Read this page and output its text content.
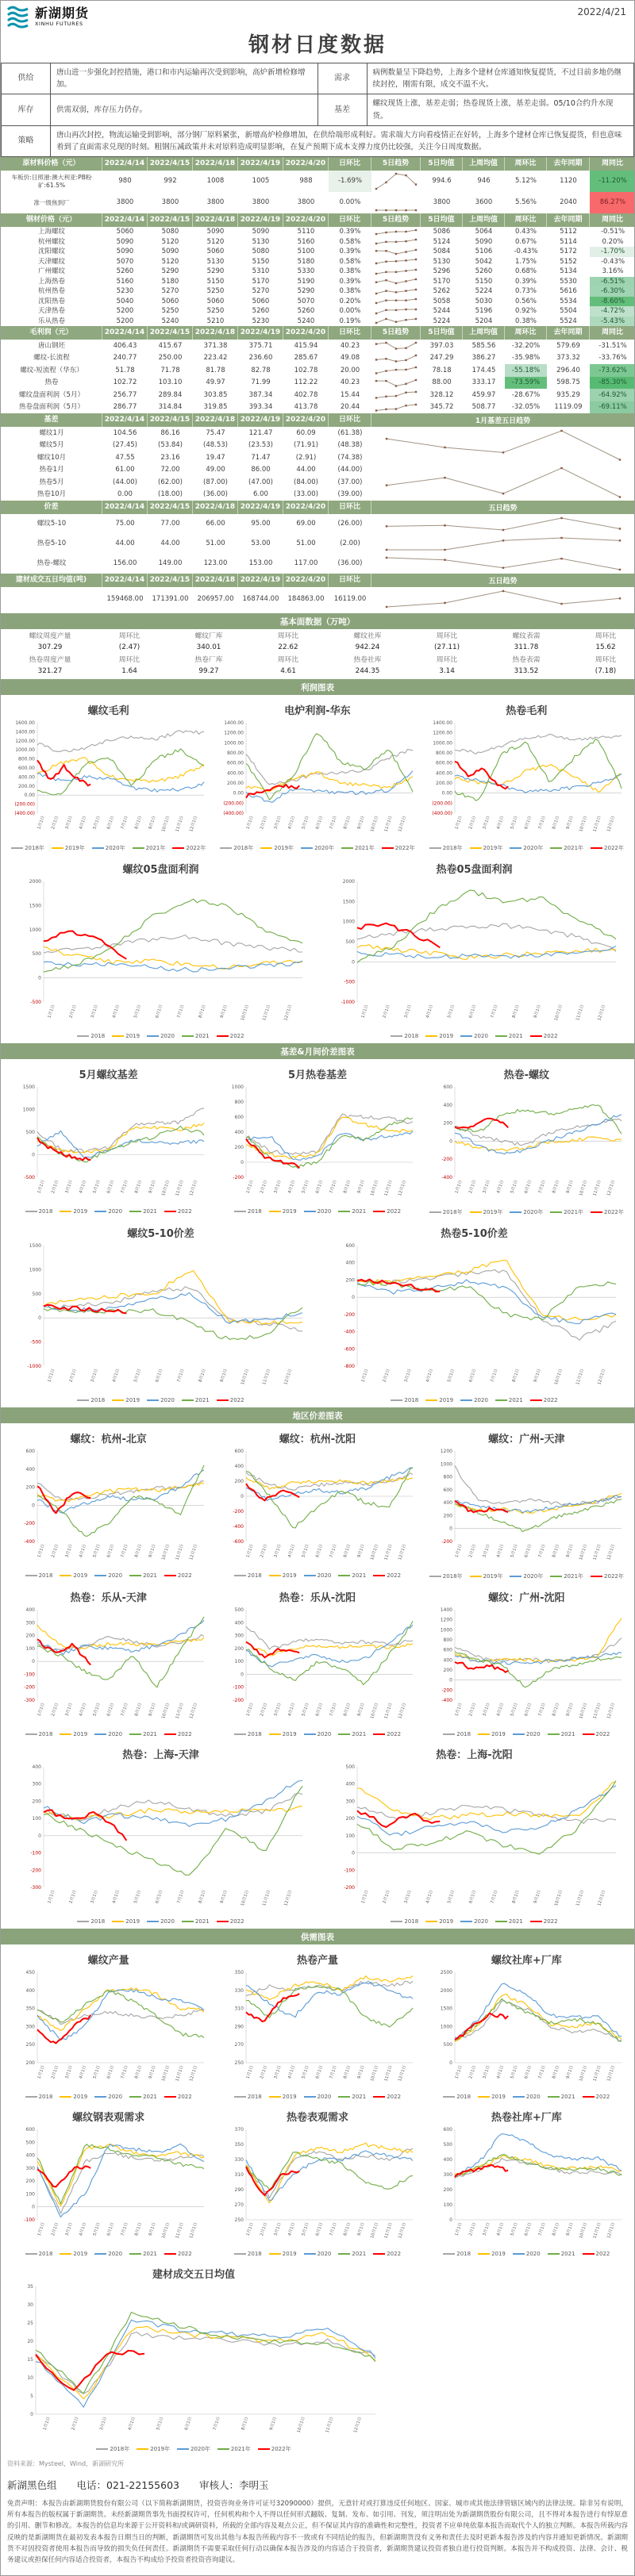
新湖期货
XINHU FUTURES
2022/4/21
钢材日度数据
供给
唐山进一步强化封控措施，港口和市内运输再次受到影响，高炉新增检修增加。
需求
病例数量呈下降趋势，上海多个建材仓库通知恢复提货，不过目前多地仍继续封控，刚需有限，成交不温不火。
库存	供需双弱，库存压力仍存。	基差
螺纹现货上涨，基差走弱；热卷现货上涨，基差走弱。05/10合约升水现货。
策略
唐山再次封控，物流运输受到影响，部分钢厂原料紧张，新增高炉检修增加，在供给端形成利好。需求端大方向看疫情正在好转，上海多个建材仓库已恢复提货，但也意味着到了直面需求兑现的时刻。粗钢压减政策并未对原料造成明显影响，在复产预期下成本支撑力度仍比较强，关注今日周度数据。
原材料价格（元）	2022/4/14 2022/4/15 2022/4/18 2022/4/19 2022/4/20	日环比	5日趋势	5日均值	上周均值	周环比	去年同期	周同比
车板价:日照港:澳大利亚:PB粉矿:61.5%	980	992	1008	1005	988	-1.69%	994.6	946	5.12%	1120	-11.20%
准一级焦到厂	3800	3800	3800	3800	3800	0.00%	3800	3600	5.56%	2040	86.27%
钢材价格（元）	2022/4/14 2022/4/15 2022/4/18 2022/4/19 2022/4/20	日环比	5日趋势	5日均值	上周均值	周环比	去年同期	周同比
上海螺纹	5060	5080	5090	5090	5110	0.39%	5086	5064	0.43%	5112	-0.51%
杭州螺纹	5090	5120	5120	5130	5160	0.58%	5124	5090	0.67%	5114	0.20%
沈阳螺纹	5090	5090	5060	5080	5100	0.39%	5084	5106	-0.43%	5172	-1.70%
天津螺纹	5070	5120	5130	5150	5180	0.58%	5130	5042	1.75%	5152	-0.43%
广州螺纹	5260	5290	5290	5310	5330	0.38%	5296	5260	0.68%	5134	3.16%
上海热卷	5160	5180	5150	5170	5190	0.39%	5170	5150	0.39%	5530	-6.51%
杭州热卷	5230	5270	5250	5270	5290	0.38%	5262	5224	0.73%	5616	-6.30%
沈阳热卷	5040	5060	5060	5060	5070	0.20%	5058	5030	0.56%	5534	-8.60%
天津热卷	5200	5250	5250	5260	5260	0.00%	5244	5196	0.92%	5504	-4.72%
乐从热卷	5200	5240	5210	5230	5240	0.19%	5224	5204	0.38%	5524	-5.43%
毛利润（元）	2022/4/14 2022/4/15 2022/4/18 2022/4/19 2022/4/20	日环比	5日趋势	5日均值	上周均值	周环比	去年同期	周同比
唐山钢坯	406.43	415.67	371.38	375.71	415.94	40.23	397.03	585.56	-32.20%	579.69	-31.51%
螺纹-长流程	240.77	250.00	223.42	236.60	285.67	49.08	247.29	386.27	-35.98%	373.32	-33.76%
螺纹-短流程（华东）	51.78	71.78	81.78	82.78	102.78	20.00	78.18	174.45	-55.18%	296.40	-73.62%
热卷	102.72	103.10	49.97	71.99	112.22	40.23	88.00	333.17	-73.59%	598.75	-85.30%
螺纹盘面利润（5月）	256.77	289.84	303.85	387.34	402.78	15.44	328.12	459.97	-28.67%	935.29	-64.92%
热卷盘面利润（5月）	286.77	314.84	319.85	393.34	413.78	20.44	345.72	508.77	-32.05%	1119.09	-69.11%
基差	2022/4/14 2022/4/15 2022/4/18 2022/4/19 2022/4/20	日环比
螺纹1月	104.56	86.16	75.47	121.47	60.09	(61.38)
螺纹5月	(27.45)	(53.84)	(48.53)	(23.53)	(71.91)	(48.38)
螺纹10月	47.55	23.16	19.47	71.47	(2.91)	(74.38)
热卷1月	61.00	72.00	49.00	86.00	44.00	(44.00)
热卷5月	(44.00)	(62.00)	(87.00)	(47.00)	(84.00)	(37.00)
热卷10月	0.00	(18.00)	(36.00)	6.00	(33.00)	(39.00)
1月基差五日趋势
价差	2022/4/14 2022/4/15 2022/4/18 2022/4/19 2022/4/20	日环比
螺纹5-10	75.00	77.00	66.00	95.00	69.00	(26.00)
热卷5-10	44.00	44.00	51.00	53.00	51.00	(2.00)
热卷-螺纹	156.00	149.00	123.00	153.00	117.00	(36.00)
五日趋势
建材成交五日均值(吨)	2022/4/14 2022/4/15 2022/4/18 2022/4/19 2022/4/20	日环比
159468.00	171391.00	206957.00	168744.00	184863.00	16119.00
五日趋势
基本面数据（万吨）
螺纹周度产量	周环比	螺纹厂库	周环比	螺纹社库	周环比	螺纹表需	周环比
307.29	(2.47)	340.01	22.62	942.24	(27.11)	311.78	15.62
热卷周度产量	周环比	热卷厂库	周环比	热卷社库	周环比	热卷表需	周环比
321.27	1.64	99.27	4.61	244.35	3.14	313.52	(7.18)
利润图表
螺纹毛利
1600.00
1400.00
1200.00
1000.00
800.00
600.00
400.00
200.00
0.00
(200.00)
(400.00)
1月1日	2月1日	3月1日	4月1日	5月1日	6月1日	7月1日	8月1日	9月1日	10月1日	11月1日	12月1日
2018年	2019年	2020年	2021年	2022年
电炉利润-华东
1400.00
1200.00
1000.00
800.00
600.00
400.00
200.00
0.00
(200.00)
(400.00)
1月1日	2月1日	3月1日	4月1日	5月1日	6月1日	7月1日	8月1日	9月1日	10月1日	11月1日	12月1日
2018年	2019年	2020年	2021年	2022年
热卷毛利
1400.00
1200.00
1000.00
800.00
600.00
400.00
200.00
0.00
(200.00)
(400.00)
1月1日	2月1日	3月1日	4月1日	5月1日	6月1日	7月1日	8月1日	9月1日	10月1日	11月1日	12月1日
2018年	2019年	2020年	2021年	2022年
螺纹05盘面利润
2000
1500
1000
500
0
-500
1月1日	2月1日	3月1日	4月1日	5月1日	6月1日	7月1日	8月1日	9月1日	10月1日	11月1日	12月1日
2018	2019	2020	2021	2022
热卷05盘面利润
2000
1500
1000
500
0
-500
-1000
1月1日	2月1日	3月1日	4月1日	5月1日	6月1日	7月1日	8月1日	9月1日	10月1日	11月1日	12月1日
2018	2019	2020	2021	2022
基差&月间价差图表
5月螺纹基差
1500
1000
500
0
-500
1月1日	2月1日	3月1日	4月1日	5月1日	6月1日	7月1日	8月1日	9月1日	10月1日	11月1日	12月1日
2018	2019	2020	2021	2022
5月热卷基差
1000
800
600
400
200
0
-200
1月1日	2月1日	3月1日	4月1日	5月1日	6月1日	7月1日	8月1日	9月1日	10月1日	11月1日	12月1日
2018	2019	2020	2021	2022
热卷-螺纹
600
400
200
0
-200
-400
1月1日	2月1日	3月1日	4月1日	5月1日	6月1日	7月1日	8月1日	9月1日	10月1日	11月1日	12月1日
2018年	2019年	2020年	2021年	2022年
螺纹5-10价差
1500
1000
500
0
-500
-1000
1月1日	2月1日	3月1日	4月1日	5月1日	6月1日	7月1日	8月1日	9月1日	10月1日	11月1日	12月1日
2018	2019	2020	2021	2022
热卷5-10价差
600
400
200
0
-200
-400
-600
-800
1月1日	2月1日	3月1日	4月1日	5月1日	6月1日	7月1日	8月1日	9月1日	10月1日	11月1日	12月1日
2018	2019	2020	2021	2022
地区价差图表
螺纹：杭州-北京
600
400
200
0
-200
-400
1月1日	2月1日	3月1日	4月1日	5月1日	6月1日	7月1日	8月1日	9月1日	10月1日	11月1日	12月1日
2018	2019	2020	2021	2022
螺纹：杭州-沈阳
600
400
200
0
-200
-400
-600
1月1日	2月1日	3月1日	4月1日	5月1日	6月1日	7月1日	8月1日	9月1日	10月1日	11月1日	12月1日
2018	2019	2020	2021	2022
螺纹：广州-天津
1200
1000
800
600
400
200
0
-200
1月1日	2月1日	3月1日	4月1日	5月1日	6月1日	7月1日	8月1日	9月1日	10月1日	11月1日	12月1日
2018年	2019年	2020年	2021年	2022年
热卷：乐从-天津
400
300
200
100
0
-100
-200
-300
1月1日	2月1日	3月1日	4月1日	5月1日	6月1日	7月1日	8月1日	9月1日	10月1日	11月1日	12月1日
2018	2019	2020	2021	2022
热卷：乐从-沈阳
500
400
300
200
100
0
-100
-200
1月1日	2月1日	3月1日	4月1日	5月1日	6月1日	7月1日	8月1日	9月1日	10月1日	11月1日	12月1日
2018	2019	2020	2021	2022
螺纹：广州-沈阳
1400
1200
1000
800
600
400
200
0
-200
-400
1月1日	2月1日	3月1日	4月1日	5月1日	6月1日	7月1日	8月1日	9月1日	10月1日	11月1日	12月1日
2018	2019	2020	2021	2022
热卷：上海-天津
400
300
200
100
0
-100
-200
-300
1月1日	2月1日	3月1日	4月1日	5月1日	6月1日	7月1日	8月1日	9月1日	10月1日	11月1日	12月1日
2018	2019	2020	2021	2022
热卷：上海-沈阳
500
400
300
200
100
0
-100
-200
1月1日	2月1日	3月1日	4月1日	5月1日	6月1日	7月1日	8月1日	9月1日	10月1日	11月1日	12月1日
2018	2019	2020	2021	2022
供需图表
螺纹产量
450
400
350
300
250
200
1月1日	2月1日	3月1日	4月1日	5月1日	6月1日	7月1日	8月1日	9月1日	10月1日	11月1日	12月1日
2018	2019	2020	2021	2022
热卷产量
350
330
310
290
270
250
1月1日	2月1日	3月1日	4月1日	5月1日	6月1日	7月1日	8月1日	9月1日	10月1日	11月1日	12月1日
2018	2019	2020	2021	2022
螺纹社库+厂库
2500
2000
1500
1000
500
0
1月1日	2月1日	3月1日	4月1日	5月1日	6月1日	7月1日	8月1日	9月1日	10月1日	11月1日	12月1日
2018	2019	2020	2021	2022
螺纹钢表观需求
600
500
400
300
200
100
0
-100
1月1日	2月1日	3月1日	4月1日	5月1日	6月1日	7月1日	8月1日	9月1日	10月1日	11月1日	12月1日
2018	2019	2020	2021	2022
热卷表观需求
370
350
330
310
290
270
250
1月1日	2月1日	3月1日	4月1日	5月1日	6月1日	7月1日	8月1日	9月1日	10月1日	11月1日	12月1日
2018	2019	2020	2021	2022
热卷社库+厂库
600
500
400
300
200
100
0
1月1日	2月1日	3月1日	4月1日	5月1日	6月1日	7月1日	8月1日	9月1日	10月1日	11月1日	12月1日
2018	2019	2020	2021	2022
建材成交五日均值
35
30
25
20
15
10
5
0
1月1日	2月1日	3月1日	4月1日	5月1日	6月1日	7月1日	8月1日	9月1日	10月1日	11月1日	12月1日
2018年	2019年	2020年	2021年	2022年
资料来源：Mysteel，Wind，新湖研究所
新湖黑色组　　电话：021-22155603　　审核人：李明玉
免责声明：本报告由新湖期货股份有限公司（以下简称新湖期货，投资咨询业务许可证号32090000）提供，无意针对或打算违反任何地区、国家、城市或其他法律管辖区域内的法律法规。除非另有说明，所有本报告的版权属于新湖期货。未经新湖期货事先书面授权许可，任何机构和个人不得以任何形式翻版、复制、发布、如引用、刊发，须注明出处为新湖期货股份有限公司，且不得对本报告进行有悖原意的引用、删节和修改。本报告的信息均来源于公开资料和/或调研资料，所载的全部内容及观点公正，但不保证其内容的准确性和完整性，投资者不应单纯依靠本报告而取代个人的独立判断。本报告所载内容反映的是新湖期货在最初发表本报告日期当日的判断，新湖期货可发出其他与本报告所载内容不一致或有不同结论的报告，但新湖期货没有义务和责任去及时更新本报告涉及的内容并通知更新情况。新湖期货不对因投资者使用本报告而导致的损失负任何责任。新湖期货不需要采取任何行动以确保本报告涉及的内容适合于投资者，新湖期货建议投资者独自进行投资判断。本报告并不构成投资、法律、会计、税务建议或担保任何内容适合投资者，本报告不构成给予投资者投资咨询建议。
